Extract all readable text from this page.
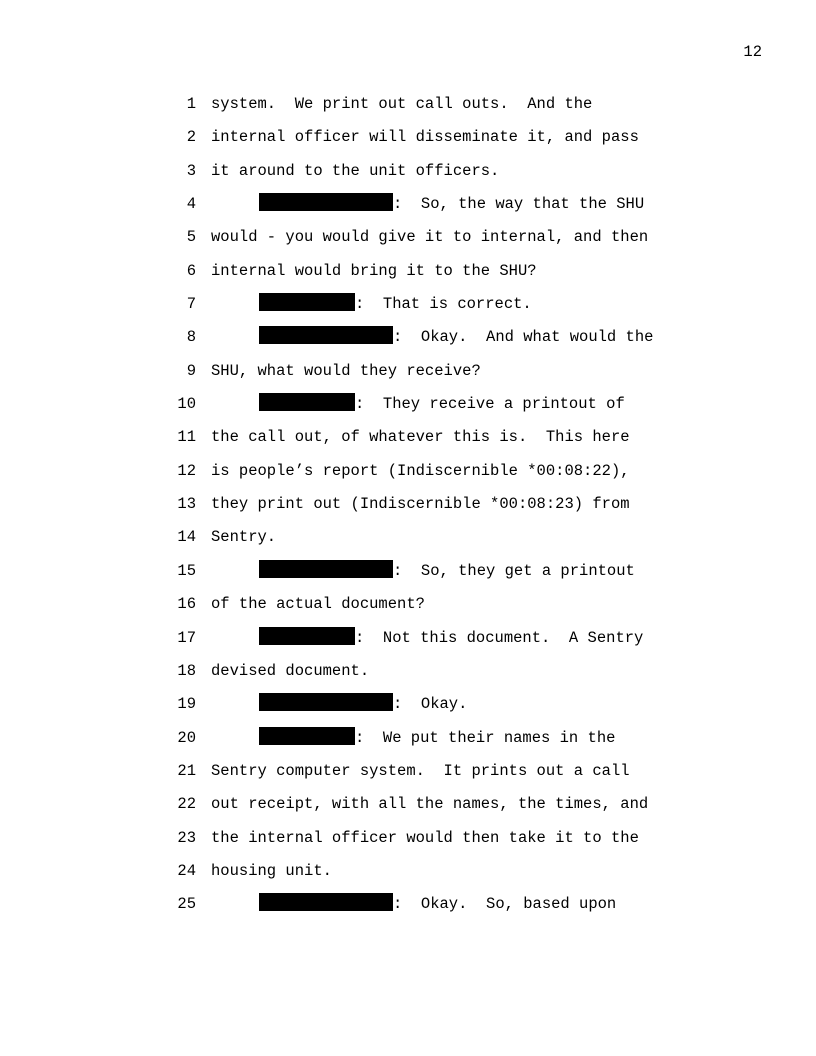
12
1 system.  We print out call outs.  And the
2 internal officer will disseminate it, and pass
3 it around to the unit officers.
4	:  So, the way that the SHU
5 would - you would give it to internal, and then
6 internal would bring it to the SHU?
7	:  That is correct.
8	:  Okay.  And what would the
9 SHU, what would they receive?
10	:  They receive a printout of
11 the call out, of whatever this is.  This here
12 is people’s report (Indiscernible *00:08:22),
13 they print out (Indiscernible *00:08:23) from
14 Sentry.
15	:  So, they get a printout
16 of the actual document?
17	:  Not this document.  A Sentry
18 devised document.
19	:  Okay.
20	:  We put their names in the
21 Sentry computer system.  It prints out a call
22 out receipt, with all the names, the times, and
23 the internal officer would then take it to the
24 housing unit.
25	:  Okay.  So, based upon
